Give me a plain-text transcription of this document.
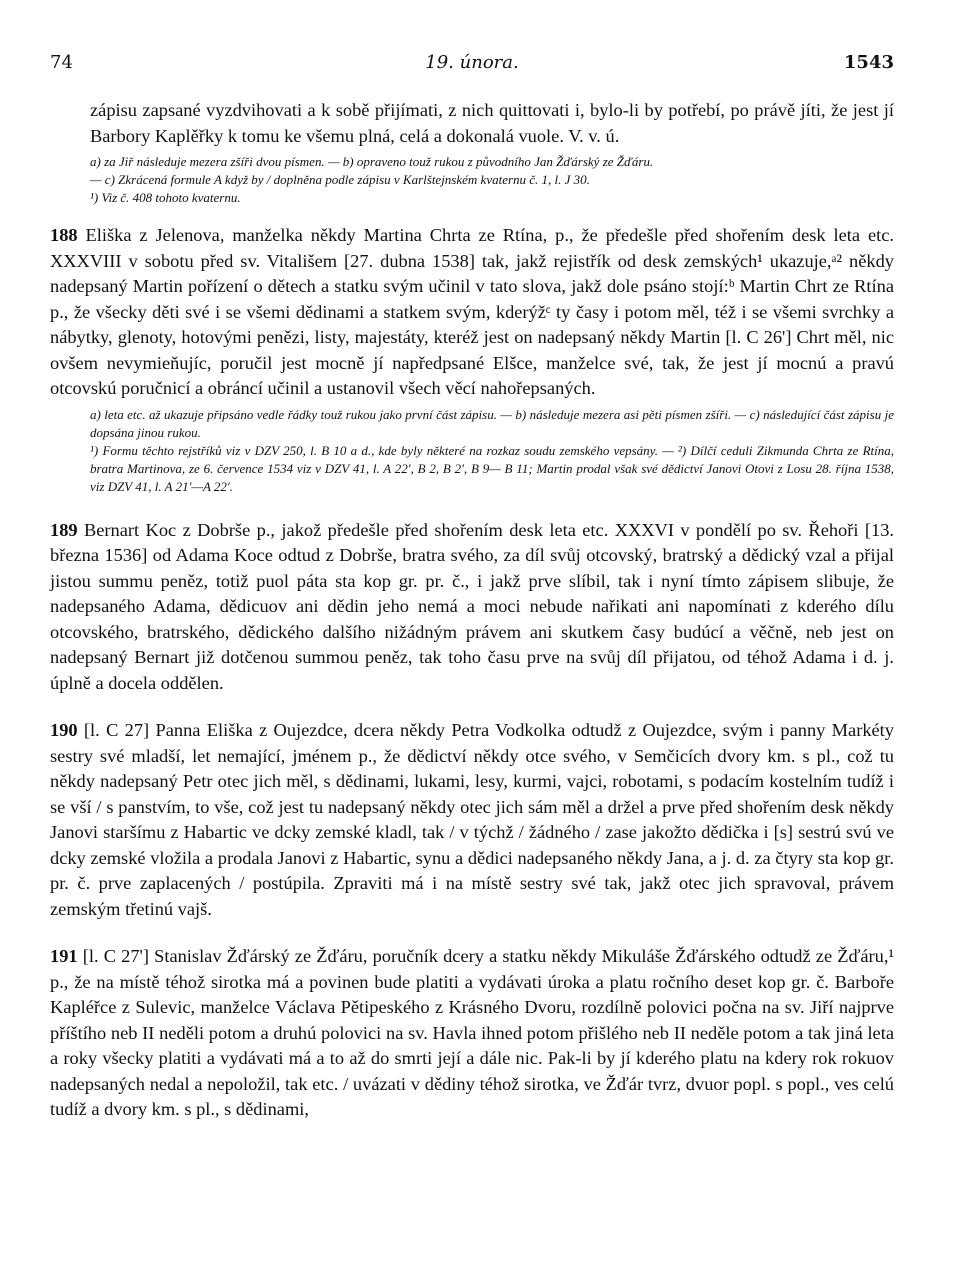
74	19. února.	1543

zápisu zapsané vyzdvihovati a k sobě přijímati, z nich quittovati i, bylo-li by potřebí, po právě jíti, že jest jí Barbory Kaplěřky k tomu ke všemu plná, celá a dokonalá vuole. V. v. ú.

a) za Jiř následuje mezera zšíři dvou písmen. — b) opraveno touž rukou z původního Jan Žďárský ze Žďáru.
— c) Zkrácená formule A když by / doplněna podle zápisu v Karlštejnském kvaternu č. 1, l. J 30.
¹) Viz č. 408 tohoto kvaternu.

188 Eliška z Jelenova, manželka někdy Martina Chrta ze Rtína, p., že předešle před shořením desk leta etc. XXXVIII v sobotu před sv. Vitališem [27. dubna 1538] tak, jakž rejistřík od desk zemských¹ ukazuje,ᵃ² někdy nadepsaný Martin pořízení o dětech a statku svým učinil v tato slova, jakž dole psáno stojí:ᵇ Martin Chrt ze Rtína p., že všecky děti své i se všemi dědinami a statkem svým, kderýžᶜ ty časy i potom měl, též i se všemi svrchky a nábytky, glenoty, hotovými penězi, listy, majestáty, kteréž jest on nadepsaný někdy Martin [l. C 26'] Chrt měl, nic ovšem nevymieňujíc, poručil jest mocně jí napředpsané Elšce, manželce své, tak, že jest jí mocnú a pravú otcovskú poručnicí a obráncí učinil a ustanovil všech věcí nahořepsaných.

a) leta etc. až ukazuje připsáno vedle řádky touž rukou jako první část zápisu. — b) následuje mezera asi pěti písmen zšíři. — c) následující část zápisu je dopsána jinou rukou.
¹) Formu těchto rejstříků viz v DZV 250, l. B 10 a d., kde byly některé na rozkaz soudu zemského vepsány. — ²) Dílčí ceduli Zikmunda Chrta ze Rtína, bratra Martinova, ze 6. července 1534 viz v DZV 41, l. A 22', B 2, B 2', B 9— B 11; Martin prodal však své dědictví Janovi Otovi z Losu 28. října 1538, viz DZV 41, l. A 21'—A 22'.

189 Bernart Koc z Dobrše p., jakož předešle před shořením desk leta etc. XXXVI v pondělí po sv. Řehoři [13. března 1536] od Adama Koce odtud z Dobrše, bratra svého, za díl svůj otcovský, bratrský a dědický vzal a přijal jistou summu peněz, totiž puol páta sta kop gr. pr. č., i jakž prve slíbil, tak i nyní tímto zápisem slibuje, že nadepsaného Adama, dědicuov ani dědin jeho nemá a moci nebude nařikati ani napomínati z kderého dílu otcovského, bratrského, dědického dalšího nižádným právem ani skutkem časy budúcí a věčně, neb jest on nadepsaný Bernart již dotčenou summou peněz, tak toho času prve na svůj díl přijatou, od téhož Adama i d. j. úplně a docela oddělen.

190 [l. C 27] Panna Eliška z Oujezdce, dcera někdy Petra Vodkolka odtudž z Oujezdce, svým i panny Markéty sestry své mladší, let nemající, jménem p., že dědictví někdy otce svého, v Semčicích dvory km. s pl., což tu někdy nadepsaný Petr otec jich měl, s dědinami, lukami, lesy, kurmi, vajci, robotami, s podacím kostelním tudíž i se vší / s panstvím, to vše, což jest tu nadepsaný někdy otec jich sám měl a držel a prve před shořením desk někdy Janovi staršímu z Habartic ve dcky zemské kladl, tak / v týchž / žádného / zase jakožto dědička i [s] sestrú svú ve dcky zemské vložila a prodala Janovi z Habartic, synu a dědici nadepsaného někdy Jana, a j. d. za čtyry sta kop gr. pr. č. prve zaplacených / postúpila. Zpraviti má i na místě sestry své tak, jakž otec jich spravoval, právem zemským třetinú vajš.

191 [l. C 27'] Stanislav Žďárský ze Žďáru, poručník dcery a statku někdy Mikuláše Žďárského odtudž ze Žďáru,¹ p., že na místě téhož sirotka má a povinen bude platiti a vydávati úroka a platu ročního deset kop gr. č. Barboře Kapléřce z Sulevic, manželce Václava Pětipeského z Krásného Dvoru, rozdílně polovici počna na sv. Jiří najprve příštího neb II neděli potom a druhú polovici na sv. Havla ihned potom přišlého neb II neděle potom a tak jiná leta a roky všecky platiti a vydávati má a to až do smrti její a dále nic. Pak-li by jí kderého platu na kdery rok rokuov nadepsaných nedal a nepoložil, tak etc. / uvázati v dědiny téhož sirotka, ve Žďár tvrz, dvuor popl. s popl., ves celú tudíž a dvory km. s pl., s dědinami,
